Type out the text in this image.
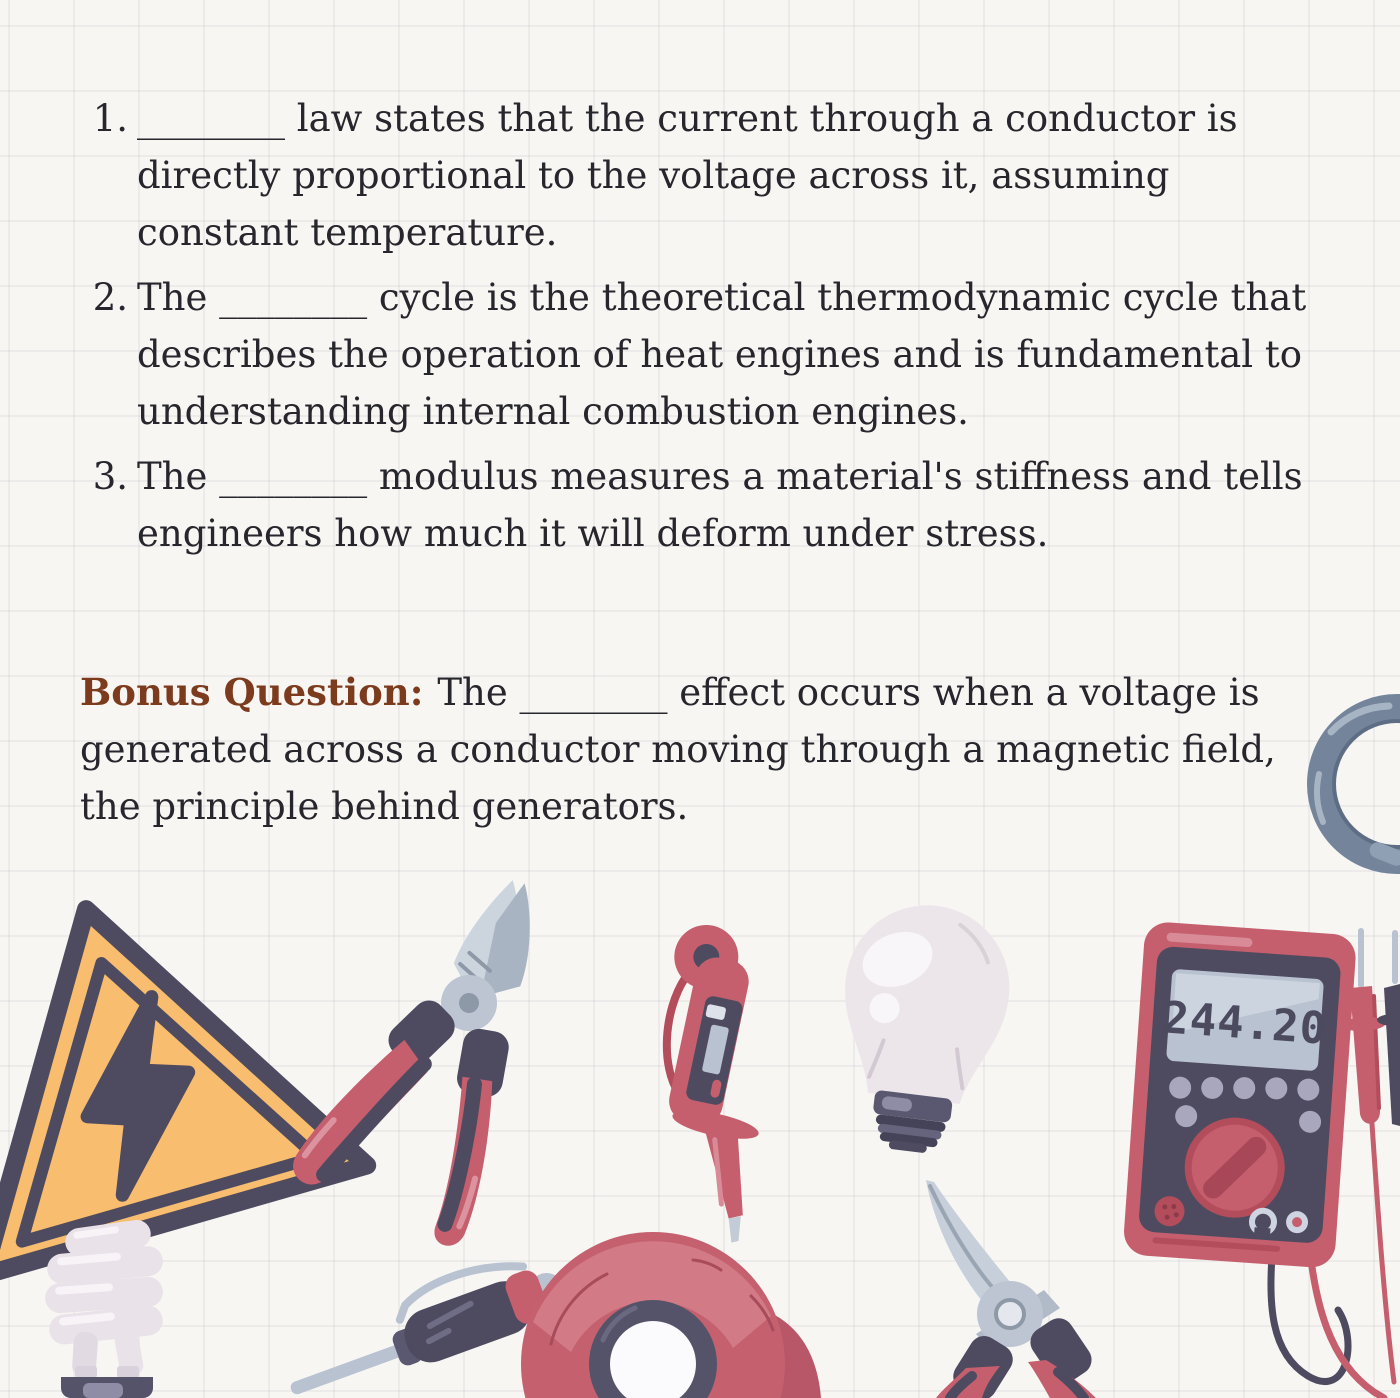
1. ________ law states that the current through a conductor is
directly proportional to the voltage across it, assuming
constant temperature.
2. The ________ cycle is the theoretical thermodynamic cycle that
describes the operation of heat engines and is fundamental to
understanding internal combustion engines.
3. The ________ modulus measures a material's stiffness and tells
engineers how much it will deform under stress.
Bonus Question: The ________ effect occurs when a voltage is
generated across a conductor moving through a magnetic field,
the principle behind generators.
244.20
